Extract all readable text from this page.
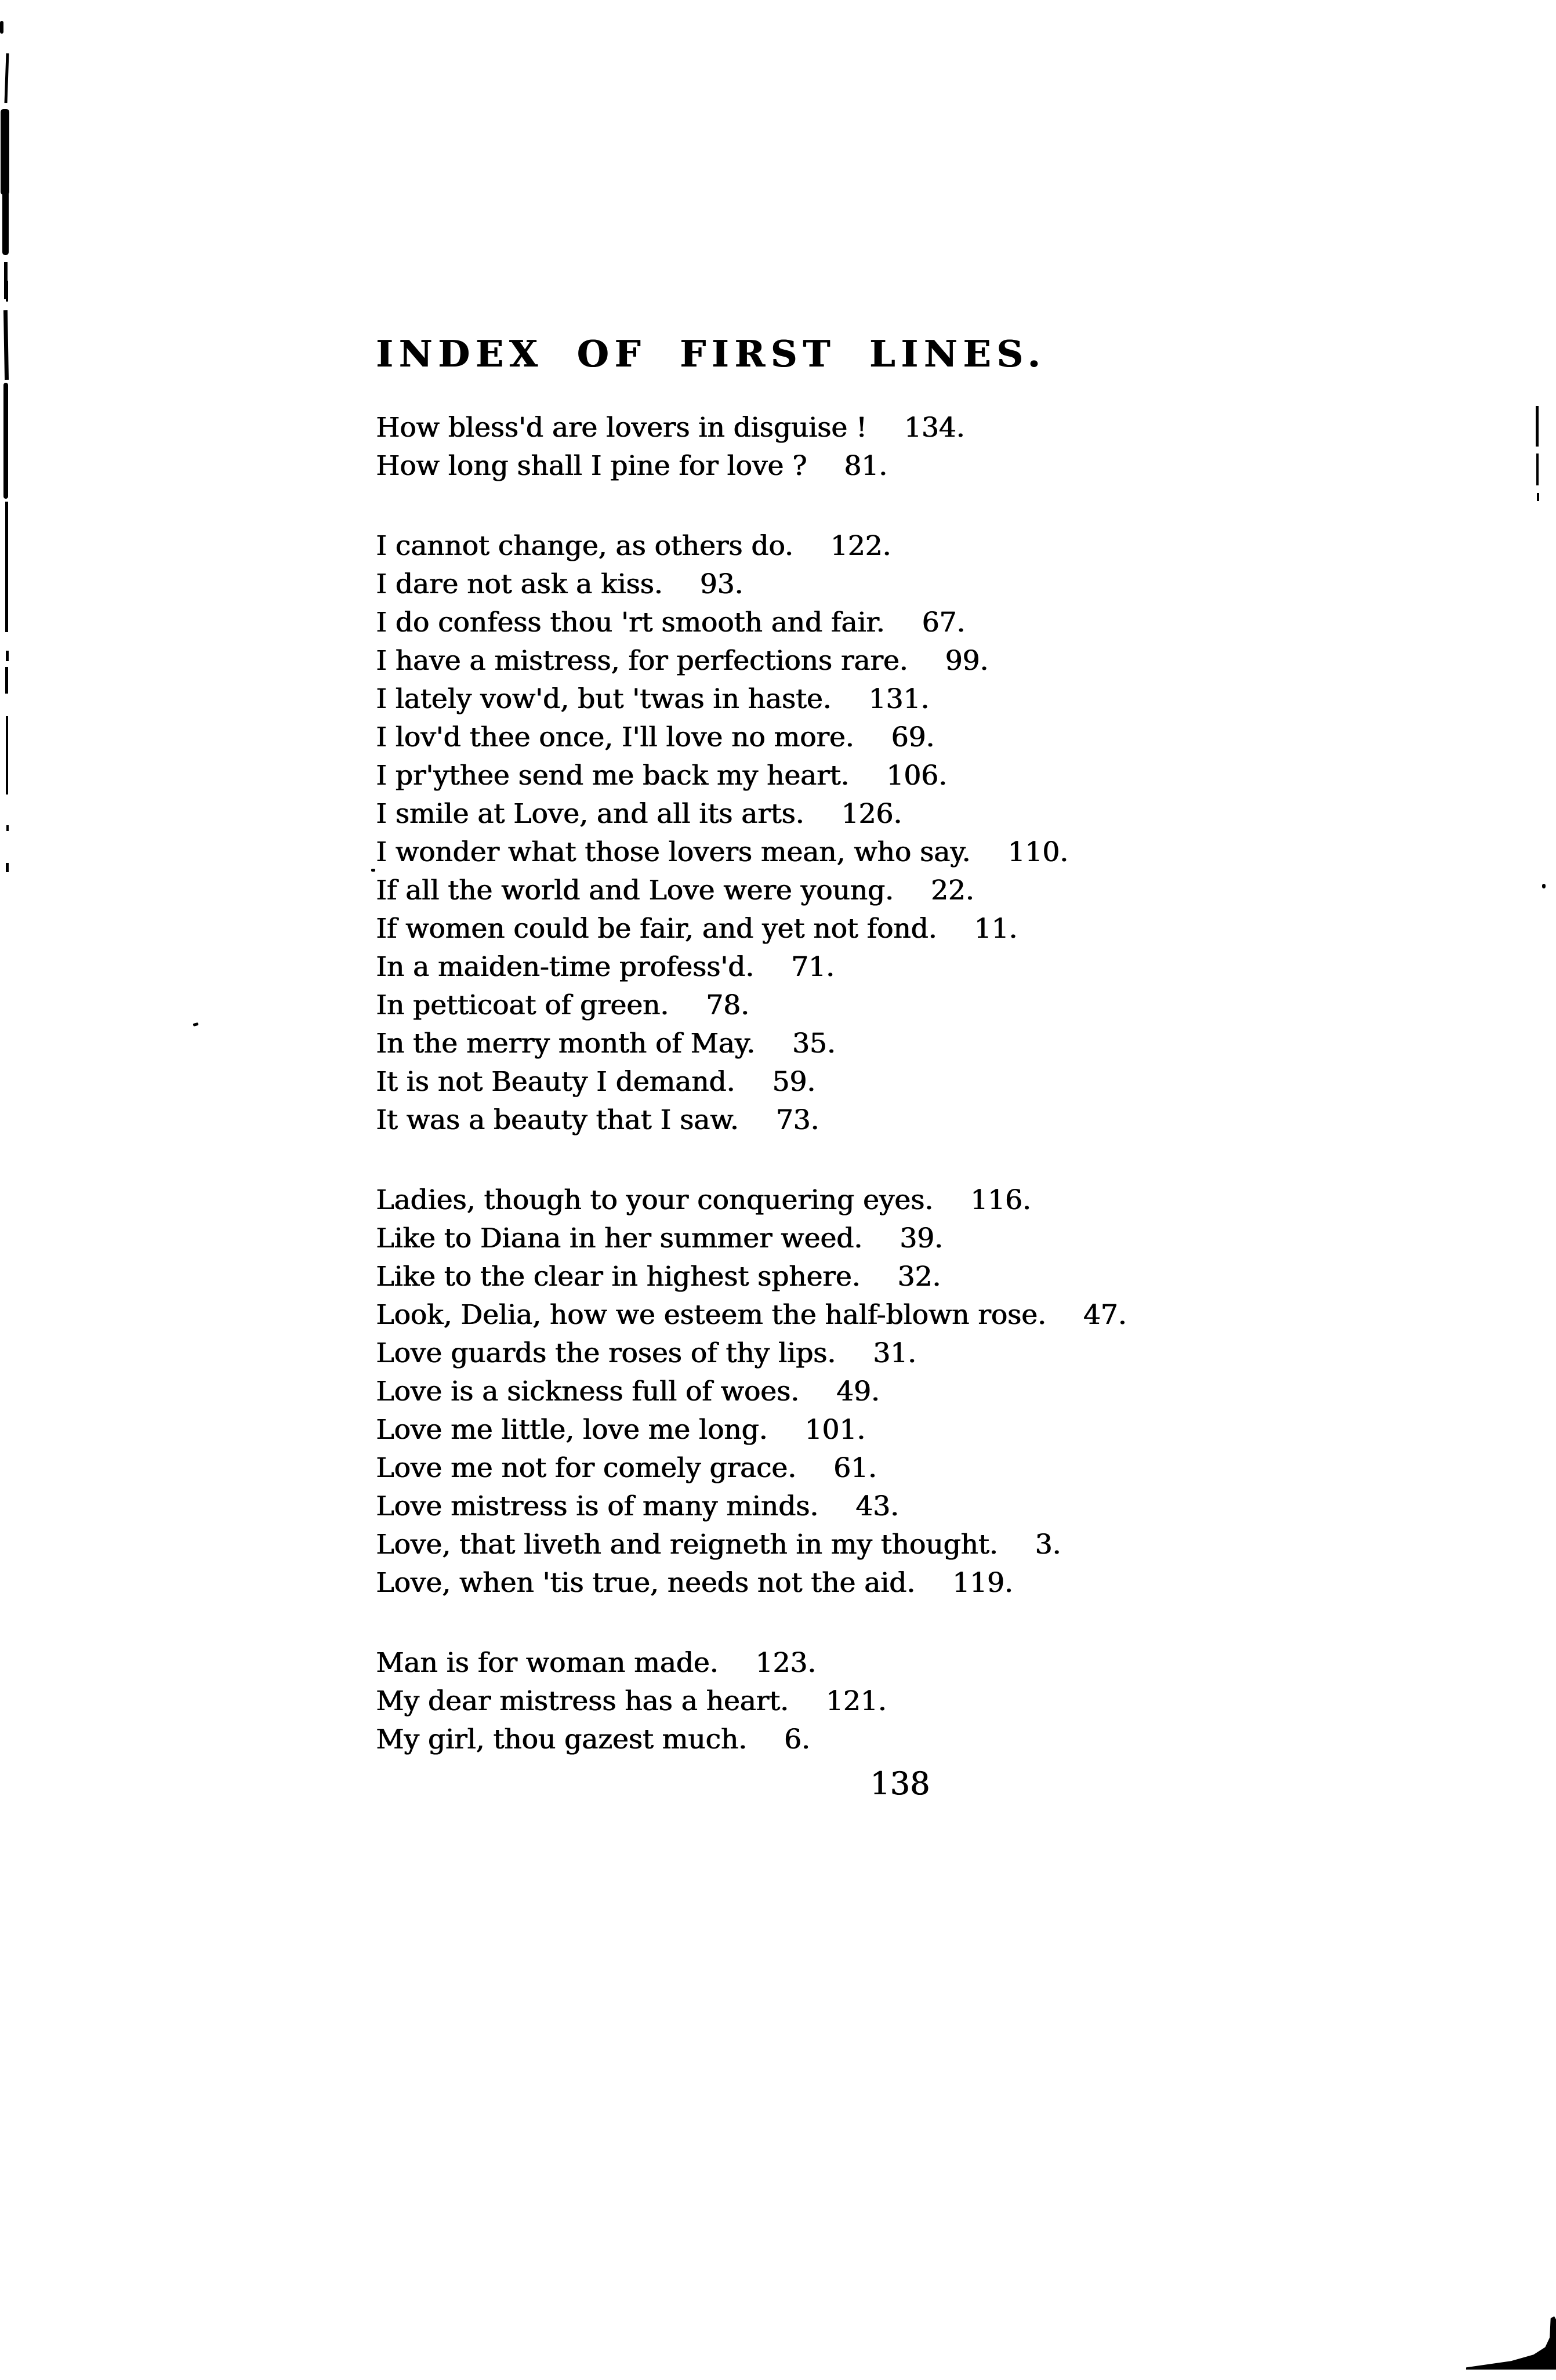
INDEX OF FIRST LINES.

How bless'd are lovers in disguise ! 134.

How long shall I pine for love ? 81.

I cannot change, as others do. 122.

I dare not ask a kiss. 93.

I do confess thou 'rt smooth and fair. 67.

I have a mistress, for perfections rare. 99.

I lately vow'd, but 'twas in haste. 131.

I lov'd thee once, I'll love no more. 69.

I pr'ythee send me back my heart. 106.

I smile at Love, and all its arts. 126.

I wonder what those lovers mean, who say. 110.

If all the world and Love were young. 22.

If women could be fair, and yet not fond. 11.

In a maiden-time profess'd. 71.

In petticoat of green. 78.

In the merry month of May. 35.

It is not Beauty I demand. 59.

It was a beauty that I saw. 73.

Ladies, though to your conquering eyes. 116.

Like to Diana in her summer weed. 39.

Like to the clear in highest sphere. 32.

Look, Delia, how we esteem the half-blown rose. 47.

Love guards the roses of thy lips. 31.

Love is a sickness full of woes. 49.

Love me little, love me long. 101.

Love me not for comely grace. 61.

Love mistress is of many minds. 43.

Love, that liveth and reigneth in my thought. 3.

Love, when 'tis true, needs not the aid. 119.

Man is for woman made. 123.

My dear mistress has a heart. 121.

My girl, thou gazest much. 6.

138
